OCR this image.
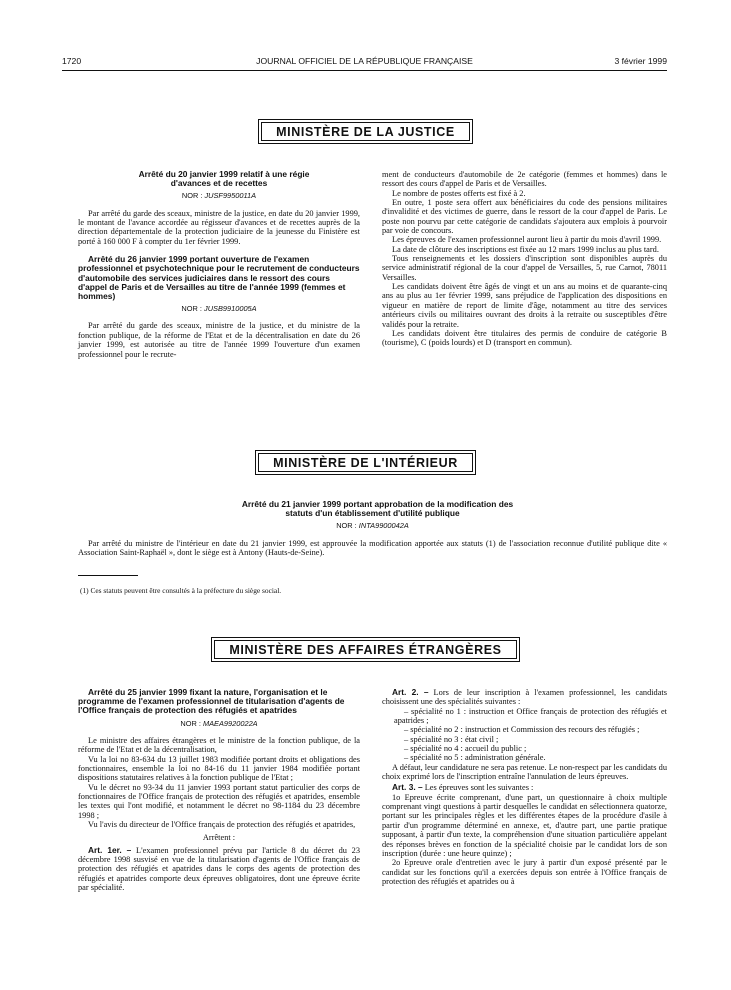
1720	JOURNAL OFFICIEL DE LA RÉPUBLIQUE FRANÇAISE	3 février 1999
MINISTÈRE DE LA JUSTICE

Arrêté du 20 janvier 1999 relatif à une régie d'avances et de recettes

NOR : JUSF9950011A

Par arrêté du garde des sceaux, ministre de la justice, en date du 20 janvier 1999, le montant de l'avance accordée au régisseur d'avances et de recettes auprès de la direction départementale de la protection judiciaire de la jeunesse du Finistère est porté à 160 000 F à compter du 1er février 1999.

Arrêté du 26 janvier 1999 portant ouverture de l'examen professionnel et psychotechnique pour le recrutement de conducteurs d'automobile des services judiciaires dans le ressort des cours d'appel de Paris et de Versailles au titre de l'année 1999 (femmes et hommes)

NOR : JUSB9910005A

Par arrêté du garde des sceaux, ministre de la justice, et du ministre de la fonction publique, de la réforme de l'Etat et de la décentralisation en date du 26 janvier 1999, est autorisée au titre de l'année 1999 l'ouverture d'un examen professionnel pour le recrute-

ment de conducteurs d'automobile de 2e catégorie (femmes et hommes) dans le ressort des cours d'appel de Paris et de Versailles.

Le nombre de postes offerts est fixé à 2.

En outre, 1 poste sera offert aux bénéficiaires du code des pensions militaires d'invalidité et des victimes de guerre, dans le ressort de la cour d'appel de Paris. Le poste non pourvu par cette catégorie de candidats s'ajoutera aux emplois à pourvoir par voie de concours.

Les épreuves de l'examen professionnel auront lieu à partir du mois d'avril 1999.

La date de clôture des inscriptions est fixée au 12 mars 1999 inclus au plus tard.

Tous renseignements et les dossiers d'inscription sont disponibles auprès du service administratif régional de la cour d'appel de Versailles, 5, rue Carnot, 78011 Versailles.

Les candidats doivent être âgés de vingt et un ans au moins et de quarante-cinq ans au plus au 1er février 1999, sans préjudice de l'application des dispositions en vigueur en matière de report de limite d'âge, notamment au titre des services antérieurs civils ou militaires ouvrant des droits à la retraite ou susceptibles d'être validés pour la retraite.

Les candidats doivent être titulaires des permis de conduire de catégorie B (tourisme), C (poids lourds) et D (transport en commun).

MINISTÈRE DE L'INTÉRIEUR

Arrêté du 21 janvier 1999 portant approbation de la modification des statuts d'un établissement d'utilité publique

NOR : INTA9900042A

Par arrêté du ministre de l'intérieur en date du 21 janvier 1999, est approuvée la modification apportée aux statuts (1) de l'association reconnue d'utilité publique dite « Association Saint-Raphaël », dont le siège est à Antony (Hauts-de-Seine).

(1) Ces statuts peuvent être consultés à la préfecture du siège social.
MINISTÈRE DES AFFAIRES ÉTRANGÈRES

Arrêté du 25 janvier 1999 fixant la nature, l'organisation et le programme de l'examen professionnel de titularisation d'agents de l'Office français de protection des réfugiés et apatrides

NOR : MAEA9920022A

Le ministre des affaires étrangères et le ministre de la fonction publique, de la réforme de l'Etat et de la décentralisation,

Vu la loi no 83-634 du 13 juillet 1983 modifiée portant droits et obligations des fonctionnaires, ensemble la loi no 84-16 du 11 janvier 1984 modifiée portant dispositions statutaires relatives à la fonction publique de l'Etat ;

Vu le décret no 93-34 du 11 janvier 1993 portant statut particulier des corps de fonctionnaires de l'Office français de protection des réfugiés et apatrides, ensemble les textes qui l'ont modifié, et notamment le décret no 98-1184 du 23 décembre 1998 ;

Vu l'avis du directeur de l'Office français de protection des réfugiés et apatrides,

Arrêtent :

Art. 1er. – L'examen professionnel prévu par l'article 8 du décret du 23 décembre 1998 susvisé en vue de la titularisation d'agents de l'Office français de protection des réfugiés et apatrides dans le corps des agents de protection des réfugiés et apatrides comporte deux épreuves obligatoires, dont une épreuve écrite par spécialité.

Art. 2. – Lors de leur inscription à l'examen professionnel, les candidats choisissent une des spécialités suivantes :

– spécialité no 1 : instruction et Office français de protection des réfugiés et apatrides ;

– spécialité no 2 : instruction et Commission des recours des réfugiés ;

– spécialité no 3 : état civil ;

– spécialité no 4 : accueil du public ;

– spécialité no 5 : administration générale.

A défaut, leur candidature ne sera pas retenue. Le non-respect par les candidats du choix exprimé lors de l'inscription entraîne l'annulation de leurs épreuves.

Art. 3. – Les épreuves sont les suivantes :

1o Epreuve écrite comprenant, d'une part, un questionnaire à choix multiple comprenant vingt questions à partir desquelles le candidat en sélectionnera quatorze, portant sur les principales règles et les différentes étapes de la procédure d'asile à partir d'un programme déterminé en annexe, et, d'autre part, une partie pratique supposant, à partir d'un texte, la compréhension d'une situation particulière appelant des réponses brèves en fonction de la spécialité choisie par le candidat lors de son inscription (durée : une heure quinze) ;

2o Epreuve orale d'entretien avec le jury à partir d'un exposé présenté par le candidat sur les fonctions qu'il a exercées depuis son entrée à l'Office français de protection des réfugiés et apatrides ou à
